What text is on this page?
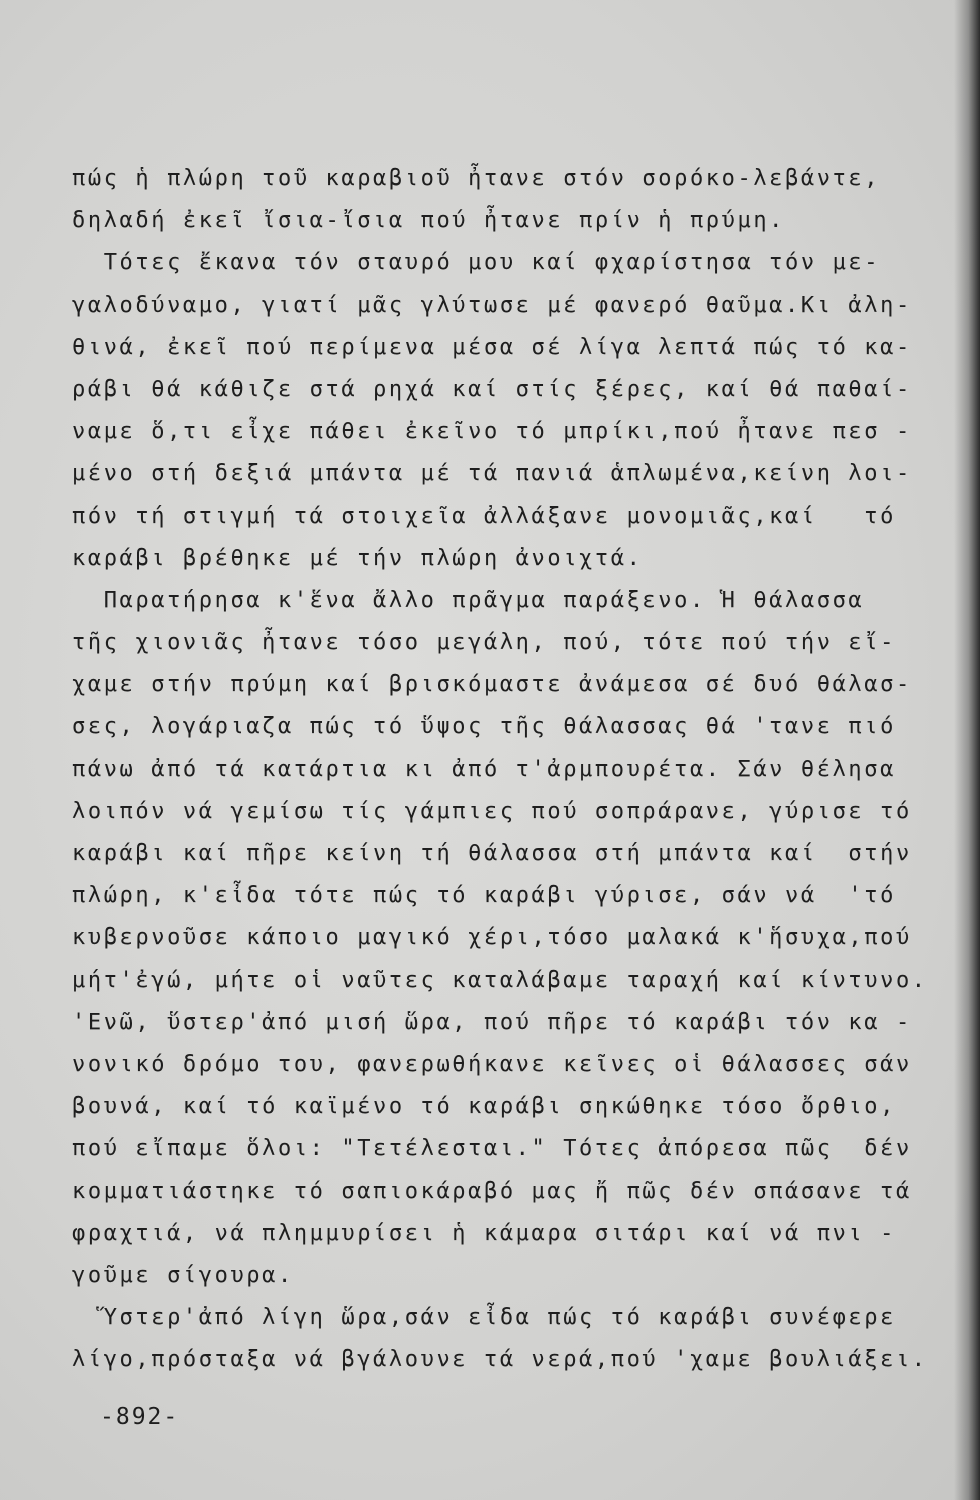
πώς ἡ πλώρη τοῦ καραβιοῦ ἦτανε στόν σορόκο-λεβάντε,
δηλαδή ἐκεῖ ἴσια-ἴσια πού ἦτανε πρίν ἡ πρύμη.
Τότες ἔκανα τόν σταυρό μου καί φχαρίστησα τόν με-
γαλοδύναμο, γιατί μᾶς γλύτωσε μέ φανερό θαῦμα.Κι ἀλη-
θινά, ἐκεῖ πού περίμενα μέσα σέ λίγα λεπτά πώς τό κα-
ράβι θά κάθιζε στά ρηχά καί στίς ξέρες, καί θά παθαί-
ναμε ὅ,τι εἶχε πάθει ἐκεῖνο τό μπρίκι,πού ἦτανε πεσ -
μένο στή δεξιά μπάντα μέ τά πανιά ἁπλωμένα,κείνη λοι-
πόν τή στιγμή τά στοιχεῖα ἀλλάξανε μονομιᾶς,καί   τό
καράβι βρέθηκε μέ τήν πλώρη ἀνοιχτά.
Παρατήρησα κ'ἕνα ἄλλο πρᾶγμα παράξενο. Ἡ θάλασσα
τῆς χιονιᾶς ἦτανε τόσο μεγάλη, πού, τότε πού τήν εἴ-
χαμε στήν πρύμη καί βρισκόμαστε ἀνάμεσα σέ δυό θάλασ-
σες, λογάριαζα πώς τό ὕψος τῆς θάλασσας θά 'τανε πιό
πάνω ἀπό τά κατάρτια κι ἀπό τ'ἀρμπουρέτα. Σάν θέλησα
λοιπόν νά γεμίσω τίς γάμπιες πού σοπράρανε, γύρισε τό
καράβι καί πῆρε κείνη τή θάλασσα στή μπάντα καί  στήν
πλώρη, κ'εἶδα τότε πώς τό καράβι γύρισε, σάν νά  'τό
κυβερνοῦσε κάποιο μαγικό χέρι,τόσο μαλακά κ'ἥσυχα,πού
μήτ'ἐγώ, μήτε οἱ ναῦτες καταλάβαμε ταραχή καί κίντυνο.
'Ενῶ, ὕστερ'ἀπό μισή ὥρα, πού πῆρε τό καράβι τόν κα -
νονικό δρόμο του, φανερωθήκανε κεῖνες οἱ θάλασσες σάν
βουνά, καί τό καϊμένο τό καράβι σηκώθηκε τόσο ὄρθιο,
πού εἴπαμε ὅλοι: "Τετέλεσται." Τότες ἀπόρεσα πῶς  δέν
κομματιάστηκε τό σαπιοκάραβό μας ἤ πῶς δέν σπάσανε τά
φραχτιά, νά πλημμυρίσει ἡ κάμαρα σιτάρι καί νά πνι -
γοῦμε σίγουρα.
Ὕστερ'ἀπό λίγη ὥρα,σάν εἶδα πώς τό καράβι συνέφερε
λίγο,πρόσταξα νά βγάλουνε τά νερά,πού 'χαμε βουλιάξει.
-892-
